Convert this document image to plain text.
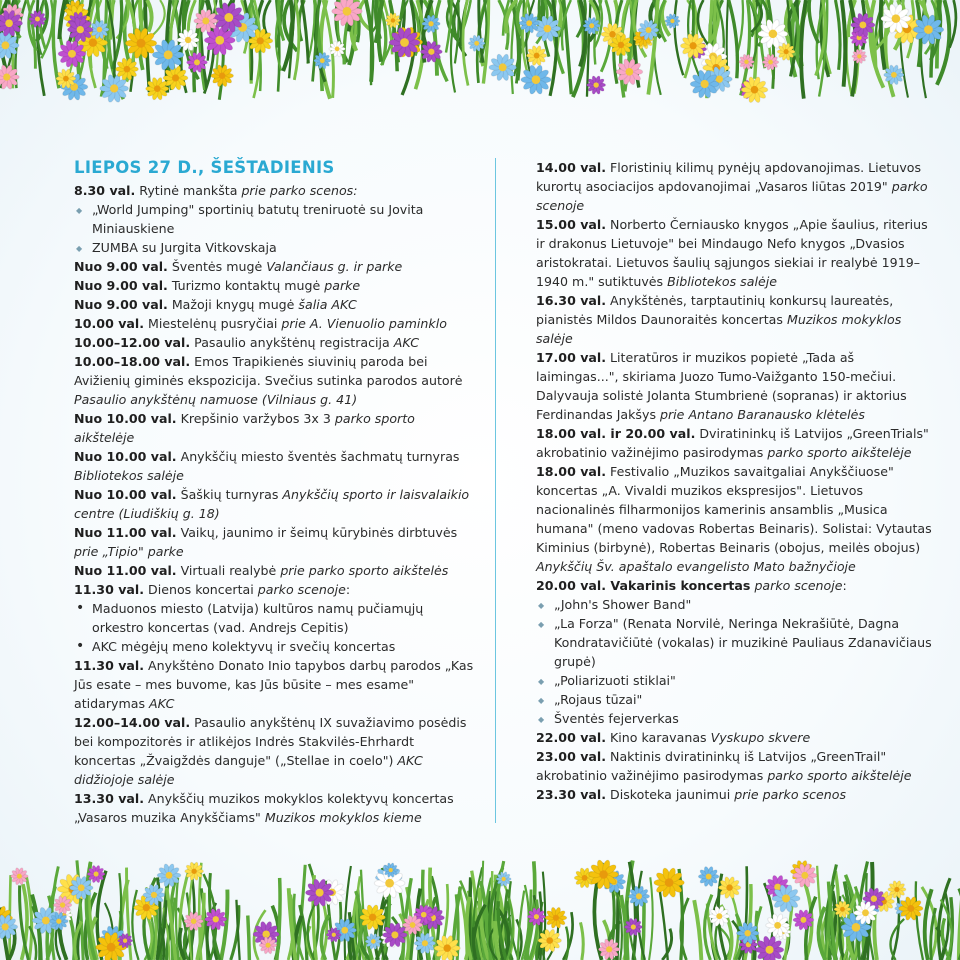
LIEPOS 27 D., ŠEŠTADIENIS

8.30 val. Rytinė mankšta prie parko scenos:

◆ „World Jumping" sportinių batutų treniruotė su Jovita Miniauskiene
◆ ZUMBA su Jurgita Vitkovskaja

Nuo 9.00 val. Šventės mugė Valančiaus g. ir parke

Nuo 9.00 val. Turizmo kontaktų mugė parke

Nuo 9.00 val. Mažoji knygų mugė šalia AKC

10.00 val. Miestelėnų pusryčiai prie A. Vienuolio paminklo

10.00–12.00 val. Pasaulio anykštėnų registracija AKC

10.00–18.00 val. Emos Trapikienės siuvinių paroda bei Avižienių giminės ekspozicija. Svečius sutinka parodos autorė Pasaulio anykštėnų namuose (Vilniaus g. 41)

Nuo 10.00 val. Krepšinio varžybos 3x 3 parko sporto aikštelėje

Nuo 10.00 val. Anykščių miesto šventės šachmatų turnyras Bibliotekos salėje

Nuo 10.00 val. Šaškių turnyras Anykščių sporto ir laisvalaikio centre (Liudiškių g. 18)

Nuo 11.00 val. Vaikų, jaunimo ir šeimų kūrybinės dirbtuvės prie „Tipio" parke

Nuo 11.00 val. Virtuali realybė prie parko sporto aikštelės

11.30 val. Dienos koncertai parko scenoje:

• Maduonos miesto (Latvija) kultūros namų pučiamųjų orkestro koncertas (vad. Andrejs Cepitis)
• AKC mėgėjų meno kolektyvų ir svečių koncertas

11.30 val. Anykštėno Donato Inio tapybos darbų parodos „Kas Jūs esate – mes buvome, kas Jūs būsite – mes esame" atidarymas AKC

12.00–14.00 val. Pasaulio anykštėnų IX suvažiavimo posėdis bei kompozitorės ir atlikėjos Indrės Stakvilės-Ehrhardt koncertas „Žvaigždės danguje" („Stellae in coelo") AKC didžiojoje salėje

13.30 val. Anykščių muzikos mokyklos kolektyvų koncertas „Vasaros muzika Anykščiams" Muzikos mokyklos kieme

14.00 val. Floristinių kilimų pynėjų apdovanojimas. Lietuvos kurortų asociacijos apdovanojimai „Vasaros liūtas 2019" parko scenoje

15.00 val. Norberto Černiausko knygos „Apie šaulius, riterius ir drakonus Lietuvoje" bei Mindaugo Nefo knygos „Dvasios aristokratai. Lietuvos šaulių sąjungos siekiai ir realybė 1919–1940 m." sutiktuvės Bibliotekos salėje

16.30 val. Anykštėnės, tarptautinių konkursų laureatės, pianistės Mildos Daunoraitės koncertas Muzikos mokyklos salėje

17.00 val. Literatūros ir muzikos popietė „Tada aš laimingas...", skiriama Juozo Tumo-Vaižganto 150-mečiui. Dalyvauja solistė Jolanta Stumbrienė (sopranas) ir aktorius Ferdinandas Jakšys prie Antano Baranausko klėtelės

18.00 val. ir 20.00 val. Dviratininkų iš Latvijos „GreenTrials" akrobatinio važinėjimo pasirodymas parko sporto aikštelėje

18.00 val. Festivalio „Muzikos savaitgaliai Anykščiuose" koncertas „A. Vivaldi muzikos ekspresijos". Lietuvos nacionalinės filharmonijos kamerinis ansamblis „Musica humana" (meno vadovas Robertas Beinaris). Solistai: Vytautas Kiminius (birbynė), Robertas Beinaris (obojus, meilės obojus) Anykščių Šv. apaštalo evangelisto Mato bažnyčioje

20.00 val. Vakarinis koncertas parko scenoje:

◆ „John's Shower Band"
◆ „La Forza" (Renata Norvilė, Neringa Nekrašiūtė, Dagna Kondratavičiūtė (vokalas) ir muzikinė Pauliaus Zdanavičiaus grupė)
◆ „Poliarizuoti stiklai"
◆ „Rojaus tūzai"
◆ Šventės fejerverkas

22.00 val. Kino karavanas Vyskupo skvere

23.00 val. Naktinis dviratininkų iš Latvijos „GreenTrail" akrobatinio važinėjimo pasirodymas parko sporto aikštelėje

23.30 val. Diskoteka jaunimui prie parko scenos
